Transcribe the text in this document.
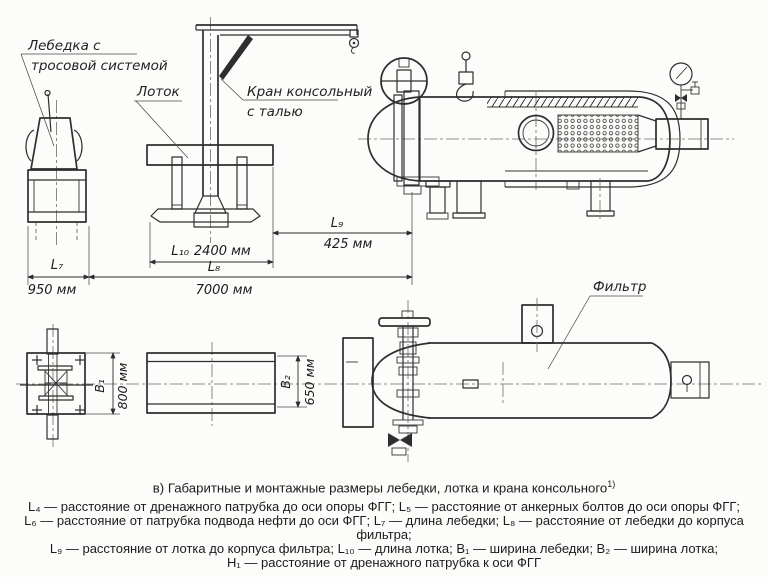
Лебедка с
тросовой системой
Лоток	Кран консольный
с талью
L₉
425 мм
L₁₀ 2400 мм
L₇
950 мм
L₈
7000 мм
B₁ 800 мм	B₂ 650 мм
Фильтр
в) Габаритные и монтажные размеры лебедки, лотка и крана консольного$^{1)}$
L₄ — расстояние от дренажного патрубка до оси опоры ФГГ; L₅ — расстояние от анкерных болтов до оси опоры ФГГ;
L₆ — расстояние от патрубка подвода нефти до оси ФГГ; L₇ — длина лебедки; L₈ — расстояние от лебедки до корпуса фильтра;
L₉ — расстояние от лотка до корпуса фильтра; L₁₀ — длина лотка; B₁ — ширина лебедки; B₂ — ширина лотка;
H₁ — расстояние от дренажного патрубка к оси ФГГ
